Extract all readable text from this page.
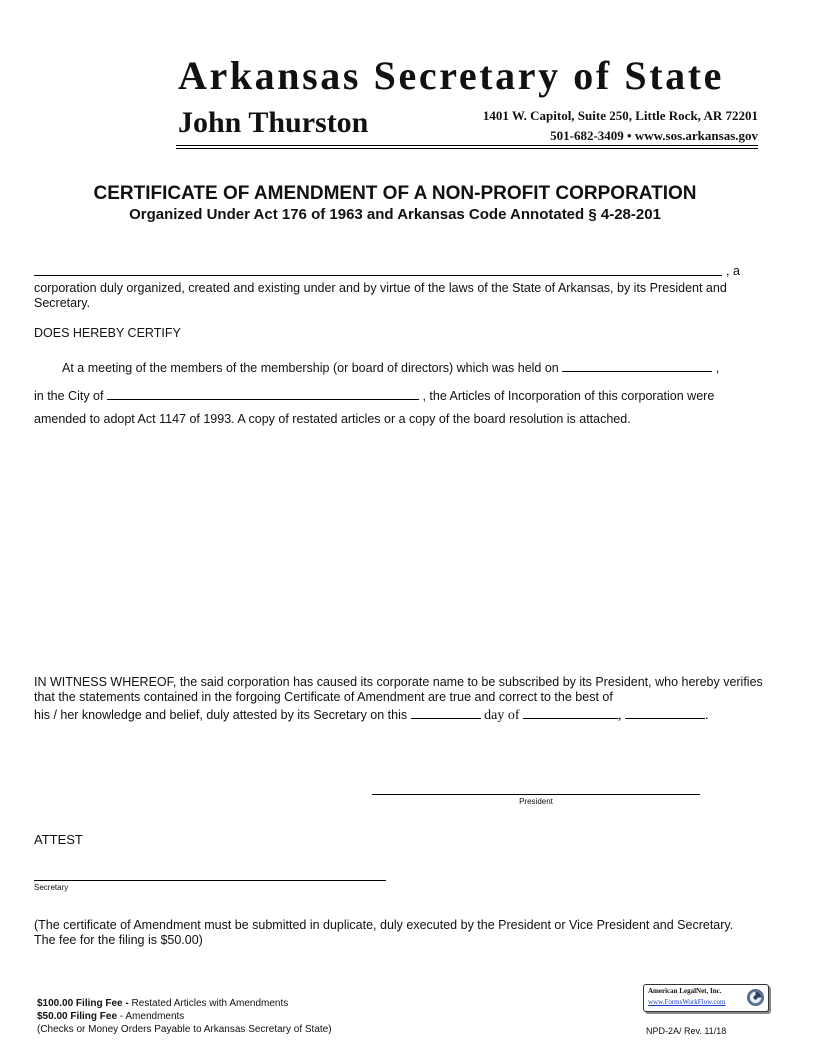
Arkansas Secretary of State
John Thurston	1401 W. Capitol, Suite 250, Little Rock, AR 72201
501-682-3409 • www.sos.arkansas.gov
CERTIFICATE OF AMENDMENT OF A NON-PROFIT CORPORATION
Organized Under Act 176 of 1963 and Arkansas Code Annotated § 4-28-201
, a
corporation duly organized, created and existing under and by virtue of the laws of the State of Arkansas, by its President and Secretary.
DOES HEREBY CERTIFY
At a meeting of the members of the membership (or board of directors) which was held on	,
in the City of	, the Articles of Incorporation of this corporation were
amended to adopt Act 1147 of 1993. A copy of restated articles or a copy of the board resolution is attached.
IN WITNESS WHEREOF, the said corporation has caused its corporate name to be subscribed by its President, who hereby verifies that the statements contained in the forgoing Certificate of Amendment are true and correct to the best of
his / her knowledge and belief, duly attested by its Secretary on this	day of	,	.
President
ATTEST
Secretary
(The certificate of Amendment must be submitted in duplicate, duly executed by the President or Vice President and Secretary. The fee for the filing is $50.00)
$100.00 Filing Fee - Restated Articles with Amendments
$50.00 Filing Fee - Amendments
(Checks or Money Orders Payable to Arkansas Secretary of State)
American LegalNet, Inc.
www.FormsWorkFlow.com
NPD-2A/ Rev. 11/18
